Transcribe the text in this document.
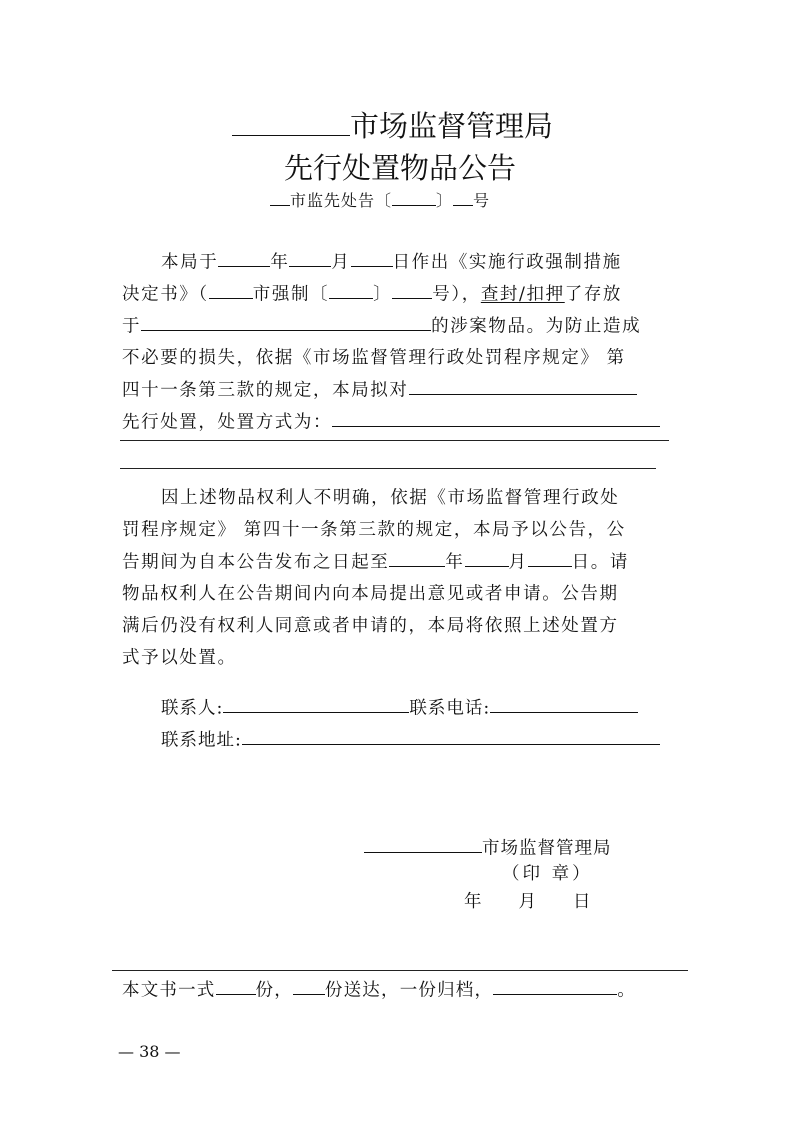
市场监督管理局
先行处置物品公告
市监先处告〔	〕 号
本局于	年 月 日作出《实施行政强制措施
决定书》（	市强制〔	〕 号），查封/扣押了存放
于	的涉案物品。为防止造成
不必要的损失，依据《市场监督管理行政处罚程序规定》 第
四十一条第三款的规定，本局拟对
先行处置，处置方式为：
因上述物品权利人不明确，依据《市场监督管理行政处
罚程序规定》 第四十一条第三款的规定，本局予以公告，公
告期间为自本公告发布之日起至	年	月	日。请
物品权利人在公告期间内向本局提出意见或者申请。公告期
满后仍没有权利人同意或者申请的，本局将依照上述处置方
式予以处置。
联系人:	联系电话:
联系地址:
市场监督管理局
（印 章）
年 月 日
本文书一式 份， 份送达，一份归档，	。
— 38 —
